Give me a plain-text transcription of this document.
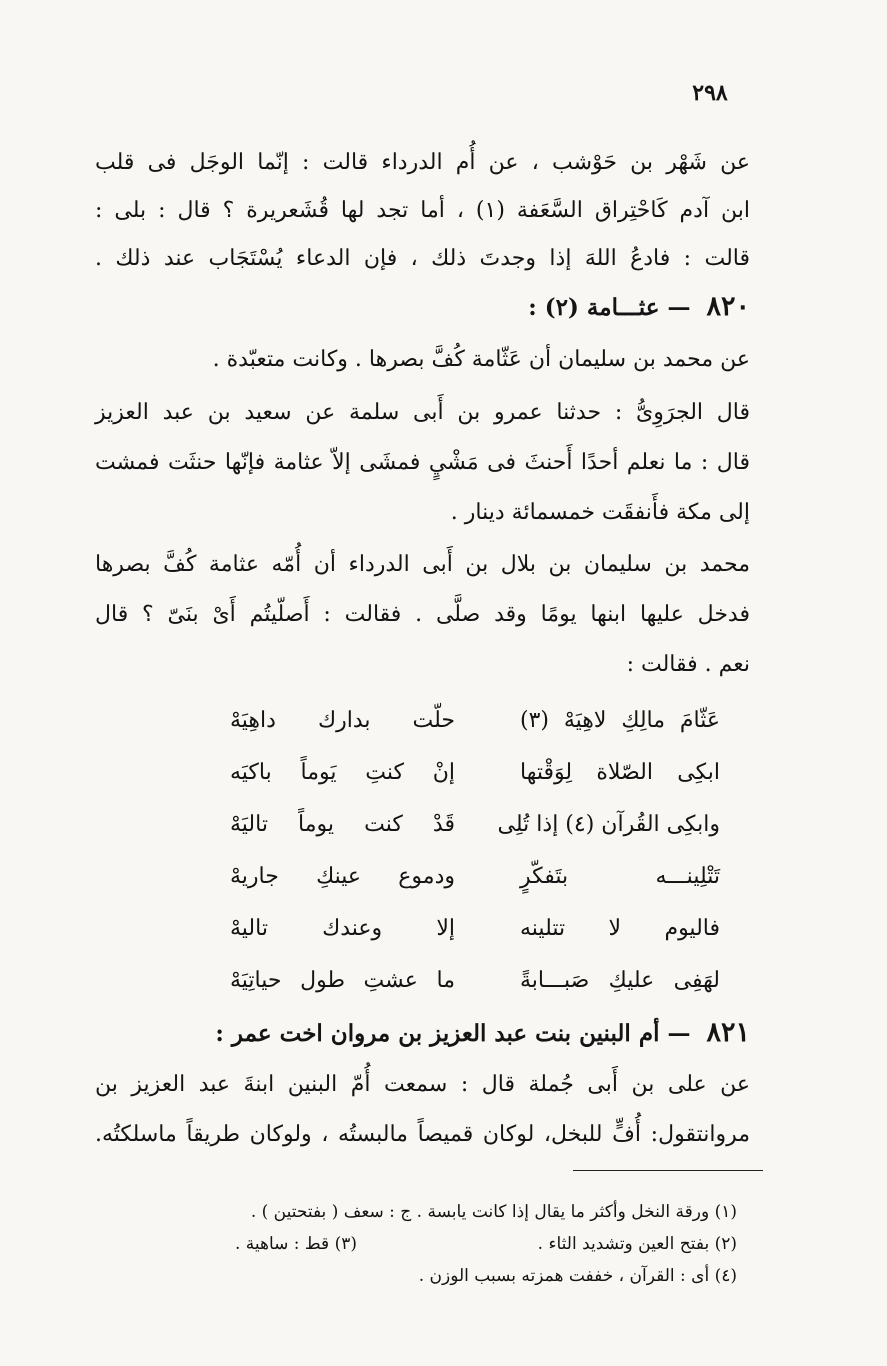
٢٩٨
عن شَهْر بن حَوْشب ، عن أُم الدرداء قالت : إنّما الوجَل فى قلب
ابن آدم كَاحْتِراق السَّعَفة (١) ، أما تجد لها قُشَعريرة ؟ قال : بلى :
قالت : فادعُ اللهَ إذا وجدتَ ذلك ، فإن الدعاء يُسْتَجَاب عند ذلك .
٨٢٠ — عثـــامة (٢) :
عن محمد بن سليمان أن عَثّامة كُفَّ بصرها . وكانت متعبّدة .
قال الجرَوِىُّ : حدثنا عمرو بن أَبى سلمة عن سعيد بن عبد العزيز
قال : ما نعلم أحدًا أَحنثَ فى مَشْيٍ فمشَى إلاّ عثامة فإنّها حنثَت فمشت
إلى مكة فأَنفقَت خمسمائة دينار .
محمد بن سليمان بن بلال بن أَبى الدرداء أن أُمّه عثامة كُفَّ بصرها
فدخل عليها ابنها يومًا وقد صلَّى . فقالت : أَصلّيتُم أَىْ بنَىّ ؟ قال
نعم . فقالت :
عَثّامَ مالِكِ لاهِيَهْ (٣)
حلّت بدارك داهِيَهْ
ابكِى الصّلاة لِوَقْتها
إنْ كنتِ يَوماً باكيَه
وابكِى القُرآن (٤) إذا تُلِى
قَدْ كنت يوماً تاليَهْ
تَتْلِينـــه بتَفكّرٍ
ودموع عينكِ جاريهْ
فاليوم لا تتلينه
إلا وعندك تاليهْ
لهَفِى عليكِ صَبـــابةً
ما عشتِ طول حياتِيَهْ
٨٢١ — أم البنين بنت عبد العزيز بن مروان اخت عمر :
عن على بن أَبى جُملة قال : سمعت أُمّ البنين ابنةَ عبد العزيز بن
مروانتقول: أُفٍّ للبخل، لوكان قميصاً مالبستُه ، ولوكان طريقاً ماسلكتُه.
(١) ورقة النخل وأكثر ما يقال إذا كانت يابسة . ج : سعف ( بفتحتين ) .
(٢) بفتح العين وتشديد الثاء .
(٣) قط : ساهية .
(٤) أى : القرآن ، خففت همزته بسبب الوزن .
